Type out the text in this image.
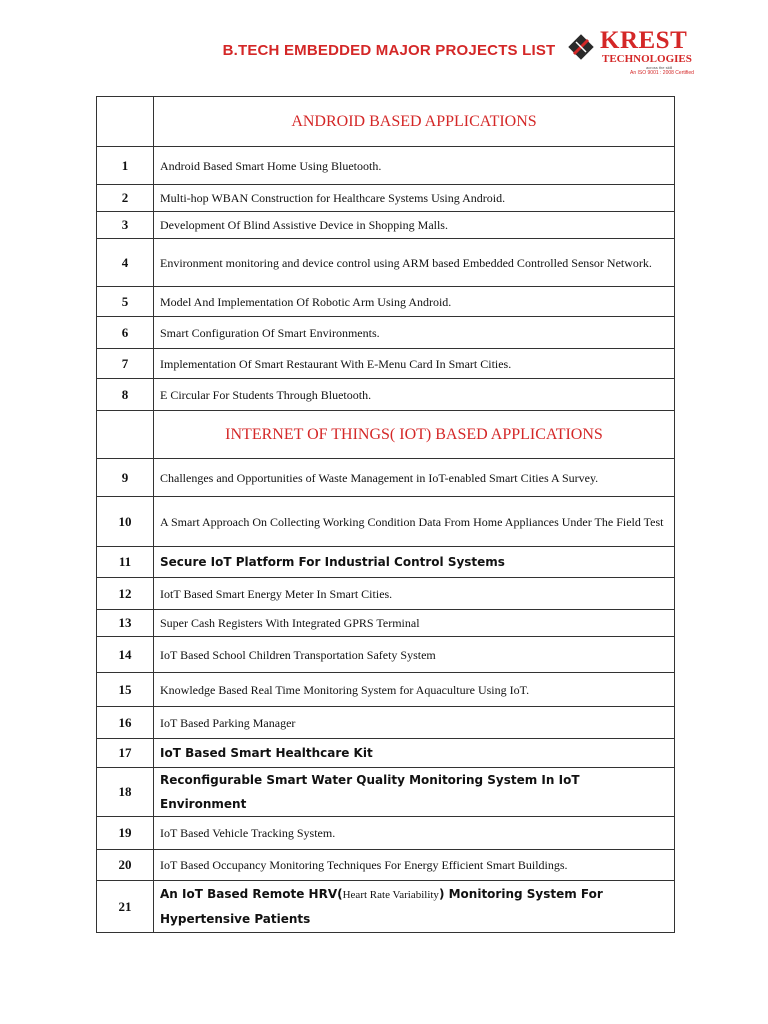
B.TECH EMBEDDED MAJOR PROJECTS LIST	KREST
TECHNOLOGIES
across the skill
An ISO 9001 : 2008 Certified
	ANDROID BASED APPLICATIONS
1	Android Based Smart Home Using Bluetooth.
2	Multi-hop WBAN Construction for Healthcare Systems Using Android.
3	Development Of Blind Assistive Device in Shopping Malls.
4	Environment monitoring and device control using ARM based Embedded Controlled Sensor Network.
5	Model And Implementation Of Robotic Arm Using Android.
6	Smart Configuration Of Smart Environments.
7	Implementation Of Smart Restaurant With E-Menu Card In Smart Cities.
8	E Circular For Students Through Bluetooth.
	INTERNET OF THINGS( IOT) BASED APPLICATIONS
9	Challenges and Opportunities of Waste Management in IoT-enabled Smart Cities A Survey.
10	A Smart Approach On Collecting Working Condition Data From Home Appliances Under The Field Test
11	Secure IoT Platform For Industrial Control Systems
12	IotT Based Smart Energy Meter In Smart Cities.
13	Super Cash Registers With Integrated GPRS Terminal
14	IoT Based School Children Transportation Safety System
15	Knowledge Based Real Time Monitoring System for Aquaculture Using IoT.
16	IoT Based Parking Manager
17	IoT Based Smart Healthcare Kit
18	Reconfigurable Smart Water Quality Monitoring System In IoT Environment
19	IoT Based Vehicle Tracking System.
20	IoT Based Occupancy Monitoring Techniques For Energy Efficient Smart Buildings.
21	An IoT Based Remote HRV(Heart Rate Variability) Monitoring System For Hypertensive Patients
